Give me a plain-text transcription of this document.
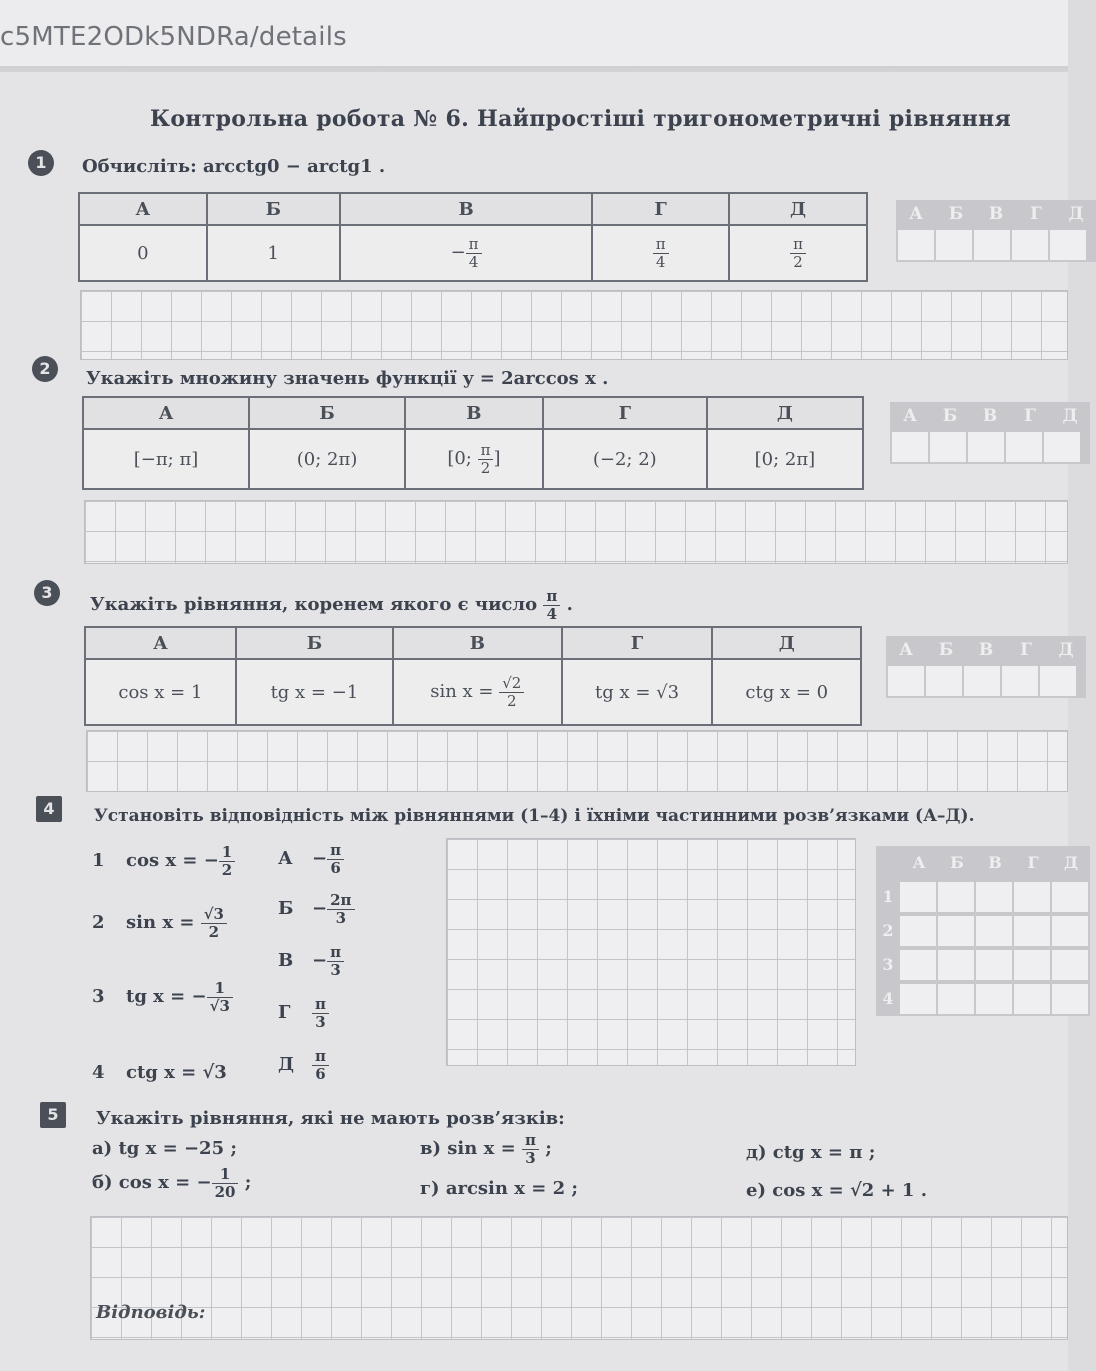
c5MTE2ODk5NDRa/details
Контрольна робота № 6. Найпростіші тригонометричні рівняння
1	Обчисліть: arcctg0 − arctg1 .
А	Б	В	Г	Д
0	1	− $\frac{\pi}{4}$	$\frac{\pi}{4}$	$\frac{\pi}{2}$
А	Б	В	Г	Д
2	Укажіть множину значень функції y = 2arccos x .
А	Б	В	Г	Д
[−π; π]	(0; 2π)	[0; $\frac{\pi}{2}$ ]	(−2; 2)	[0; 2π]
А	Б	В	Г	Д
3
Укажіть рівняння, коренем якого є число $\frac{\pi}{4}$ .
А	Б	В	Г	Д
cos x = 1	tg x = −1	$\sin x = \frac{√2}{2}$	tg x = √3	ctg x = 0
А	Б	В	Г	Д
4	Установіть відповідність між рівняннями (1–4) і їхніми частинними розв’язками (А–Д).
1 cos x = − $\frac{1}{2}$
2 $\sin x = \frac{√3}{2}$
3 tg x = − $\frac{1}{√3}$
4 ctg x = √3
$А - \frac{\pi}{6}$
$Б - \frac{2\pi}{3}$
$В - \frac{\pi}{3}$
Г $\frac{\pi}{3}$
Д $\frac{\pi}{6}$
А	Б	В	Г	Д
1
2
3
4
5	Укажіть рівняння, які не мають розв’язків:
а) tg x = −25 ;
б) cos x = − $\frac{1}{20}$ ;
в) $\sin x = \frac{\pi}{3}$ ;
г) arcsin x = 2 ;
д) ctg x = π ;
е) cos x = √2 + 1 .
Відповідь:
